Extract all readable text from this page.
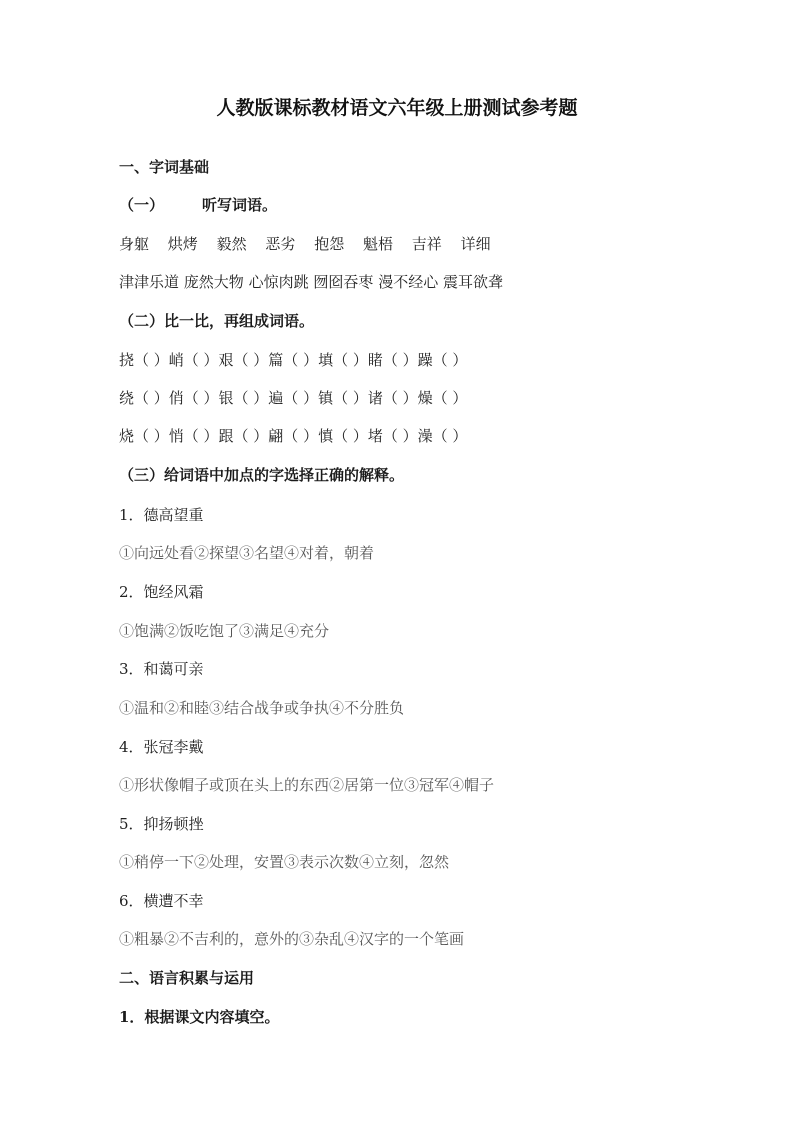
人教版课标教材语文六年级上册测试参考题
一、字词基础
（一）	听写词语。
身躯 烘烤 毅然 恶劣 抱怨 魁梧 吉祥 详细
津津乐道 庞然大物 心惊肉跳 囫囵吞枣 漫不经心 震耳欲聋
（二）比一比，再组成词语。
挠（ ）峭（ ）艰（ ）篇（ ）填（ ）睹（ ）躁（ ）
绕（ ）俏（ ）银（ ）遍（ ）镇（ ）诸（ ）燥（ ）
烧（ ）悄（ ）跟（ ）翩（ ）慎（ ）堵（ ）澡（ ）
（三）给词语中加点的字选择正确的解释。
1．德高望重
①向远处看②探望③名望④对着，朝着
2．饱经风霜
①饱满②饭吃饱了③满足④充分
3．和蔼可亲
①温和②和睦③结合战争或争执④不分胜负
4．张冠李戴
①形状像帽子或顶在头上的东西②居第一位③冠军④帽子
5．抑扬顿挫
①稍停一下②处理，安置③表示次数④立刻，忽然
6．横遭不幸
①粗暴②不吉利的，意外的③杂乱④汉字的一个笔画
二、语言积累与运用
1．根据课文内容填空。
